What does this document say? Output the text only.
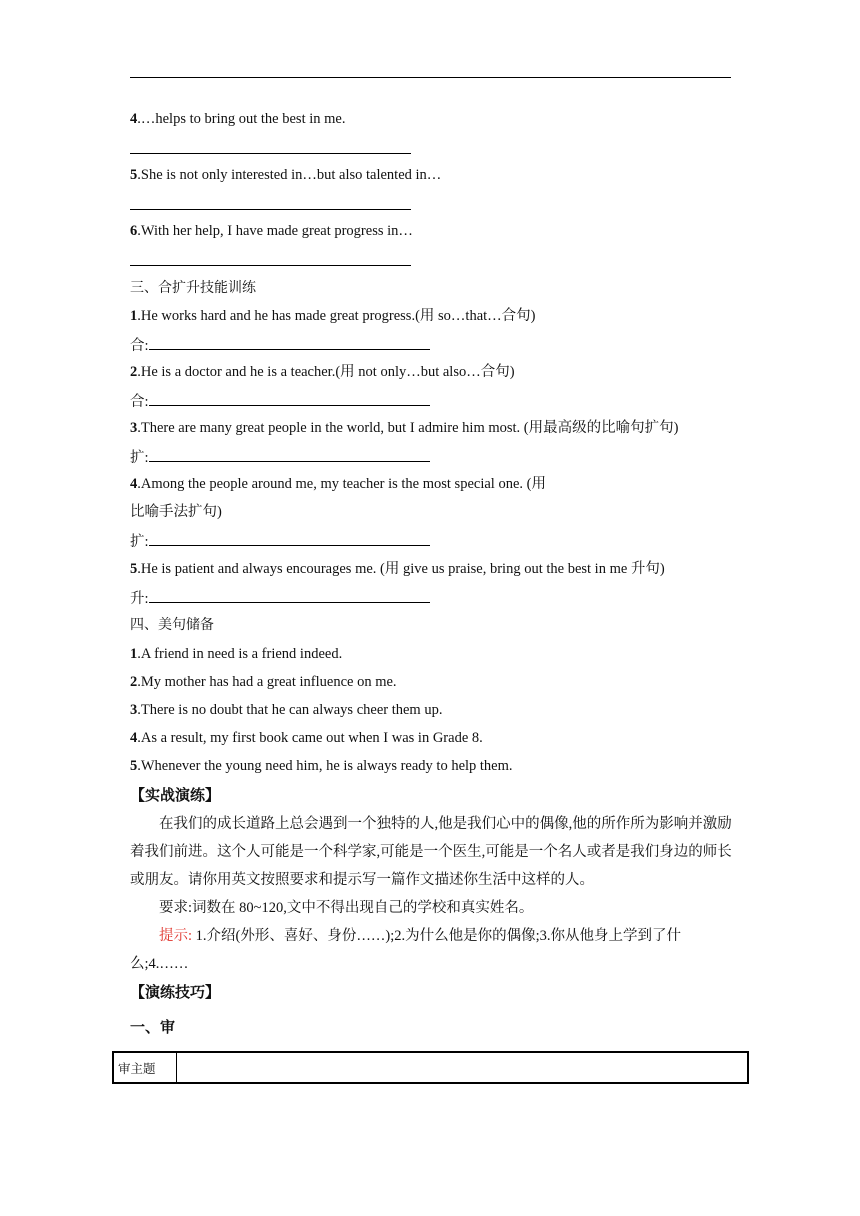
4.…helps to bring out the best in me.
5.She is not only interested in…but also talented in…
6.With her help, I have made great progress in…
三、合扩升技能训练
1.He works hard and he has made great progress.(用 so…that…合句)
合:
2.He is a doctor and he is a teacher.(用 not only…but also…合句)
合:
3.There are many great people in the world, but I admire him most. (用最高级的比喻句扩句)
扩:
4.Among the people around me, my teacher is the most special one. (用
比喻手法扩句)
扩:
5.He is patient and always encourages me. (用 give us praise, bring out the best in me 升句)
升:
四、美句储备
1.A friend in need is a friend indeed.
2.My mother has had a great influence on me.
3.There is no doubt that he can always cheer them up.
4.As a result, my first book came out when I was in Grade 8.
5.Whenever the young need him, he is always ready to help them.
【实战演练】
在我们的成长道路上总会遇到一个独特的人,他是我们心中的偶像,他的所作所为影响并激励着我们前进。这个人可能是一个科学家,可能是一个医生,可能是一个名人或者是我们身边的师长或朋友。请你用英文按照要求和提示写一篇作文描述你生活中这样的人。
要求:词数在 80~120,文中不得出现自己的学校和真实姓名。
提示: 1.介绍(外形、喜好、身份……);2.为什么他是你的偶像;3.你从他身上学到了什么;4.……
【演练技巧】
一、审
审主题	
